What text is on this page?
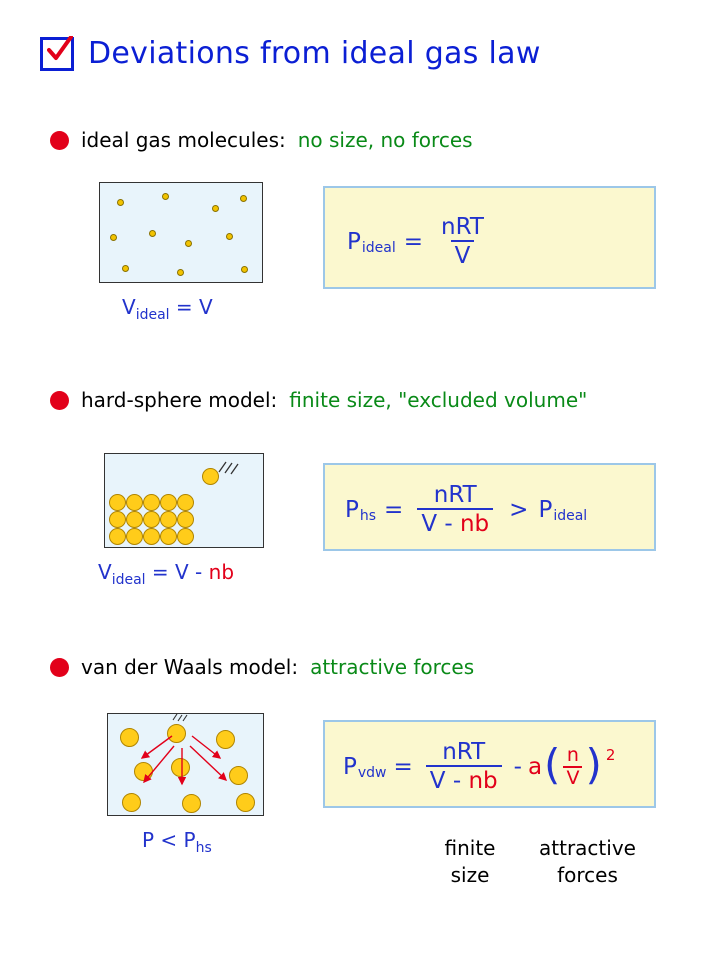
Deviations from ideal gas law
ideal gas molecules: no size, no forces
$V_{ideal} = V$
P ideal = $\frac{\text{nRT}}{V}$
hard-sphere model: finite size, "excluded volume"
$V_{ideal} = V$ - nb
P hs = $\frac{\text{nRT}}{V - nb} > P$ ideal
van der Waals model: attractive forces
$P < P_{hs}$
P vdw = $\frac{\text{nRT}}{V - nb}$ - a ( $\frac{n}{V}$ ) 2
finite
size
attractive
forces
